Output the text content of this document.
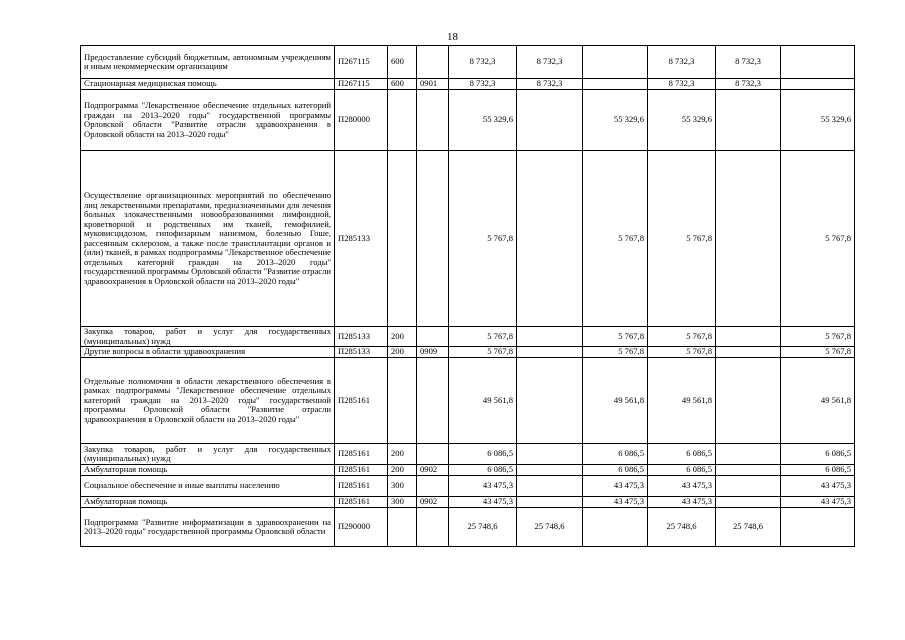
18
Предоставление субсидий бюджетным, автономным учреждениям и иным некоммерческим организациям	П267115	600		8 732,3	8 732,3		8 732,3	8 732,3	
Стационарная медицинская помощь	П267115	600	0901	8 732,3	8 732,3		8 732,3	8 732,3	
Подпрограмма "Лекарственное обеспечение отдельных категорий граждан на 2013–2020 годы" государственной программы Орловской области "Развитие отрасли здравоохранения в Орловской области на 2013–2020 годы"	П280000			55 329,6		55 329,6	55 329,6		55 329,6
Осуществление организационных мероприятий по обеспечению лиц лекарственными препаратами, предназначенными для лечения больных злокачественными новообразованиями лимфоидной, кроветворной и родственных им тканей, гемофилией, муковисцидозом, гипофизарным нанизмом, болезнью Гоше, рассеянным склерозом, а также после трансплантации органов и (или) тканей, в рамках подпрограммы "Лекарственное обеспечение отдельных категорий граждан на 2013–2020 годы" государственной программы Орловской области "Развитие отрасли здравоохранения в Орловской области на 2013–2020 годы"	П285133			5 767,8		5 767,8	5 767,8		5 767,8
Закупка товаров, работ и услуг для государственных (муниципальных) нужд	П285133	200		5 767,8		5 767,8	5 767,8		5 767,8
Другие вопросы в области здравоохранения	П285133	200	0909	5 767,8		5 767,8	5 767,8		5 767,8
Отдельные полномочия в области лекарственного обеспечения в рамках подпрограммы "Лекарственное обеспечение отдельных категорий граждан на 2013–2020 годы" государственной программы Орловской области "Развитие отрасли здравоохранения в Орловской области на 2013–2020 годы"	П285161			49 561,8		49 561,8	49 561,8		49 561,8
Закупка товаров, работ и услуг для государственных (муниципальных) нужд	П285161	200		6 086,5		6 086,5	6 086,5		6 086,5
Амбулаторная помощь	П285161	200	0902	6 086,5		6 086,5	6 086,5		6 086,5
Социальное обеспечение и иные выплаты населению	П285161	300		43 475,3		43 475,3	43 475,3		43 475,3
Амбулаторная помощь	П285161	300	0902	43 475,3		43 475,3	43 475,3		43 475,3
Подпрограмма "Развитие информатизации в здравоохранении на 2013–2020 годы" государственной программы Орловской области	П290000			25 748,6	25 748,6		25 748,6	25 748,6	
